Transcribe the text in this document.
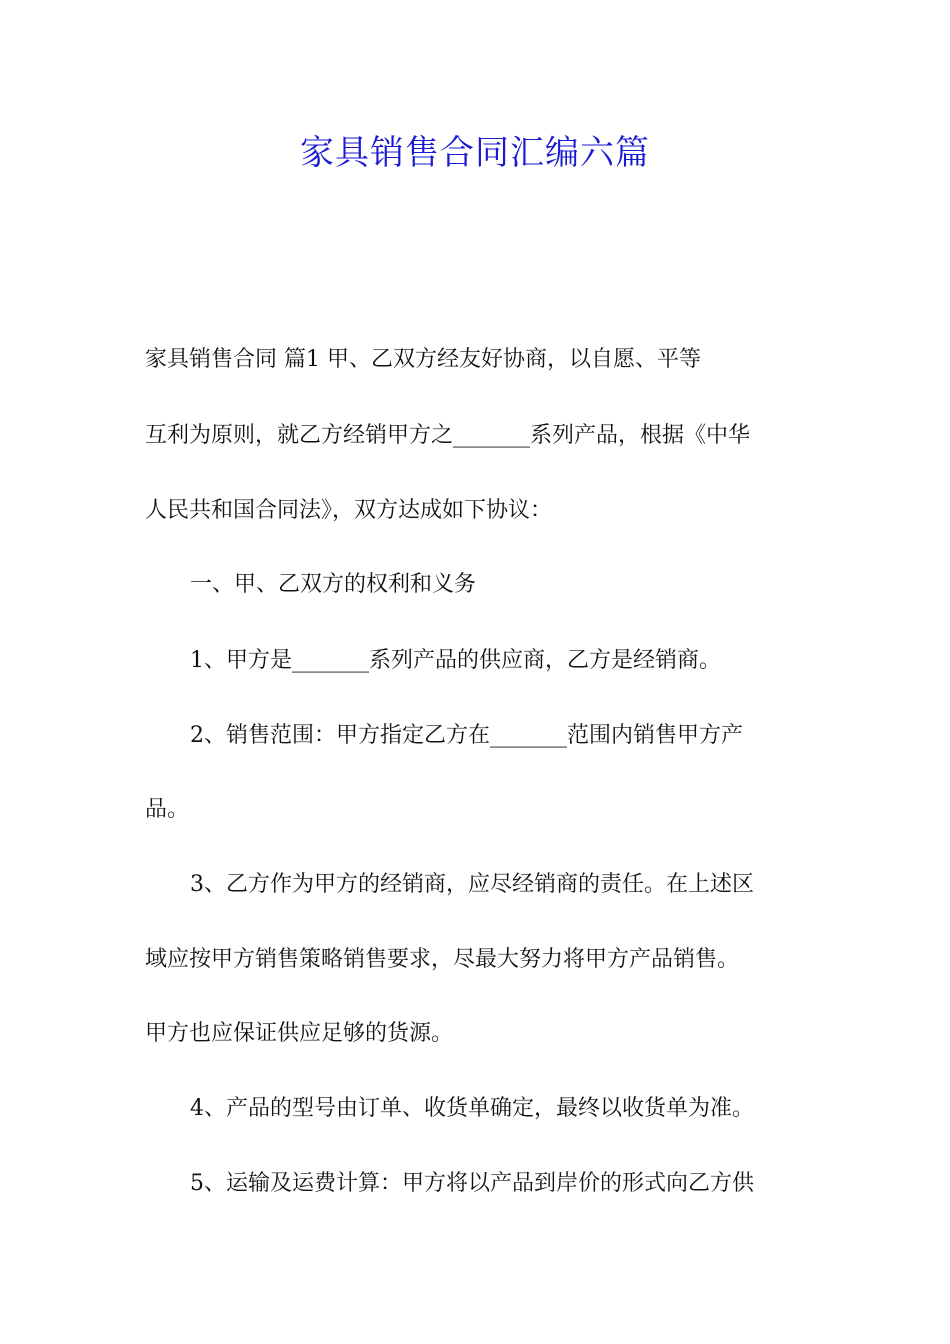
家具销售合同汇编六篇
家具销售合同 篇1 甲、乙双方经友好协商，以自愿、平等
互利为原则，就乙方经销甲方之_______系列产品，根据《中华
人民共和国合同法》，双方达成如下协议：
一、甲、乙双方的权利和义务
1、甲方是_______系列产品的供应商，乙方是经销商。
2、销售范围：甲方指定乙方在_______范围内销售甲方产
品。
3、乙方作为甲方的经销商，应尽经销商的责任。在上述区
域应按甲方销售策略销售要求，尽最大努力将甲方产品销售。
甲方也应保证供应足够的货源。
4、产品的型号由订单、收货单确定，最终以收货单为准。
5、运输及运费计算：甲方将以产品到岸价的形式向乙方供
